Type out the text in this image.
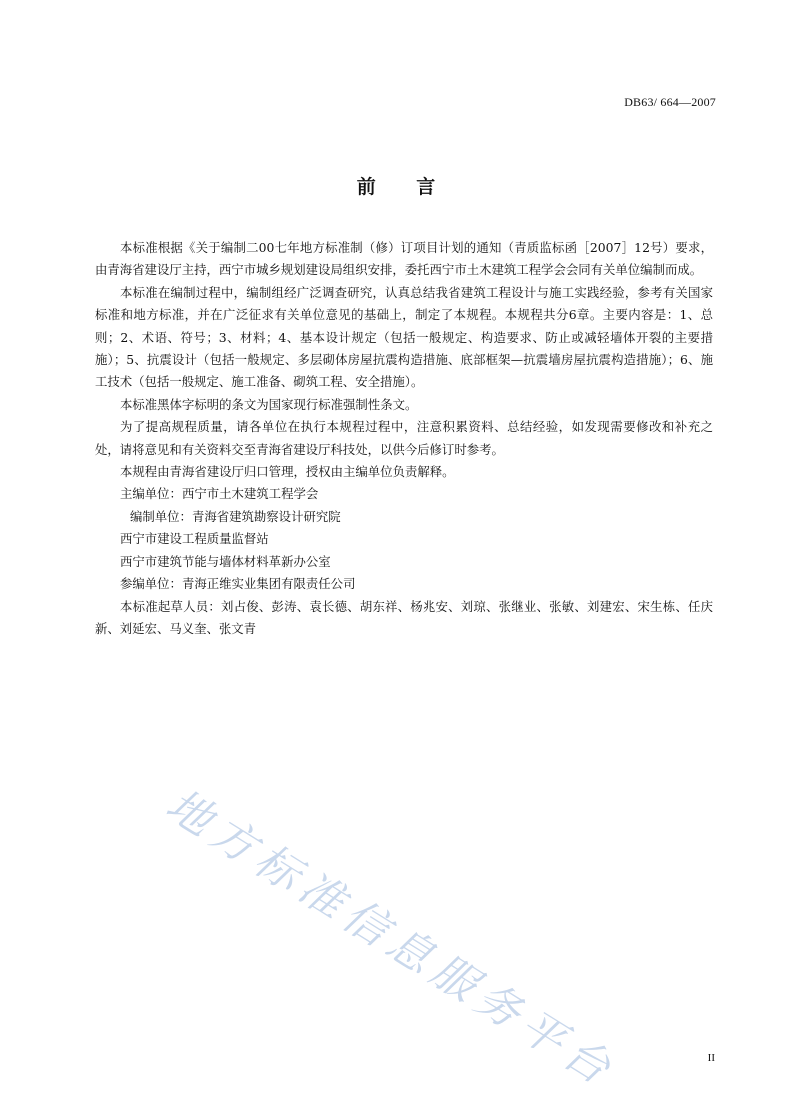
DB63/ 664—2007
前 言

本标准根据《关于编制二00七年地方标准制（修）订项目计划的通知（青质监标函［2007］12号）要求，由青海省建设厅主持，西宁市城乡规划建设局组织安排，委托西宁市土木建筑工程学会会同有关单位编制而成。

本标准在编制过程中，编制组经广泛调查研究，认真总结我省建筑工程设计与施工实践经验，参考有关国家标准和地方标准，并在广泛征求有关单位意见的基础上，制定了本规程。本规程共分6章。主要内容是：1、总则；2、术语、符号；3、材料；4、基本设计规定（包括一般规定、构造要求、防止或减轻墙体开裂的主要措施）；5、抗震设计（包括一般规定、多层砌体房屋抗震构造措施、底部框架—抗震墙房屋抗震构造措施）；6、施工技术（包括一般规定、施工准备、砌筑工程、安全措施）。

本标准黑体字标明的条文为国家现行标准强制性条文。

为了提高规程质量，请各单位在执行本规程过程中，注意积累资料、总结经验，如发现需要修改和补充之处，请将意见和有关资料交至青海省建设厅科技处，以供今后修订时参考。

本规程由青海省建设厅归口管理，授权由主编单位负责解释。

主编单位：西宁市土木建筑工程学会

编制单位：青海省建筑勘察设计研究院

西宁市建设工程质量监督站

西宁市建筑节能与墙体材料革新办公室

参编单位：青海正维实业集团有限责任公司

本标准起草人员：刘占俊、彭涛、袁长德、胡东祥、杨兆安、刘琼、张继业、张敏、刘建宏、宋生栋、任庆新、刘延宏、马义奎、张文青

地方标准信息服务平台	II
